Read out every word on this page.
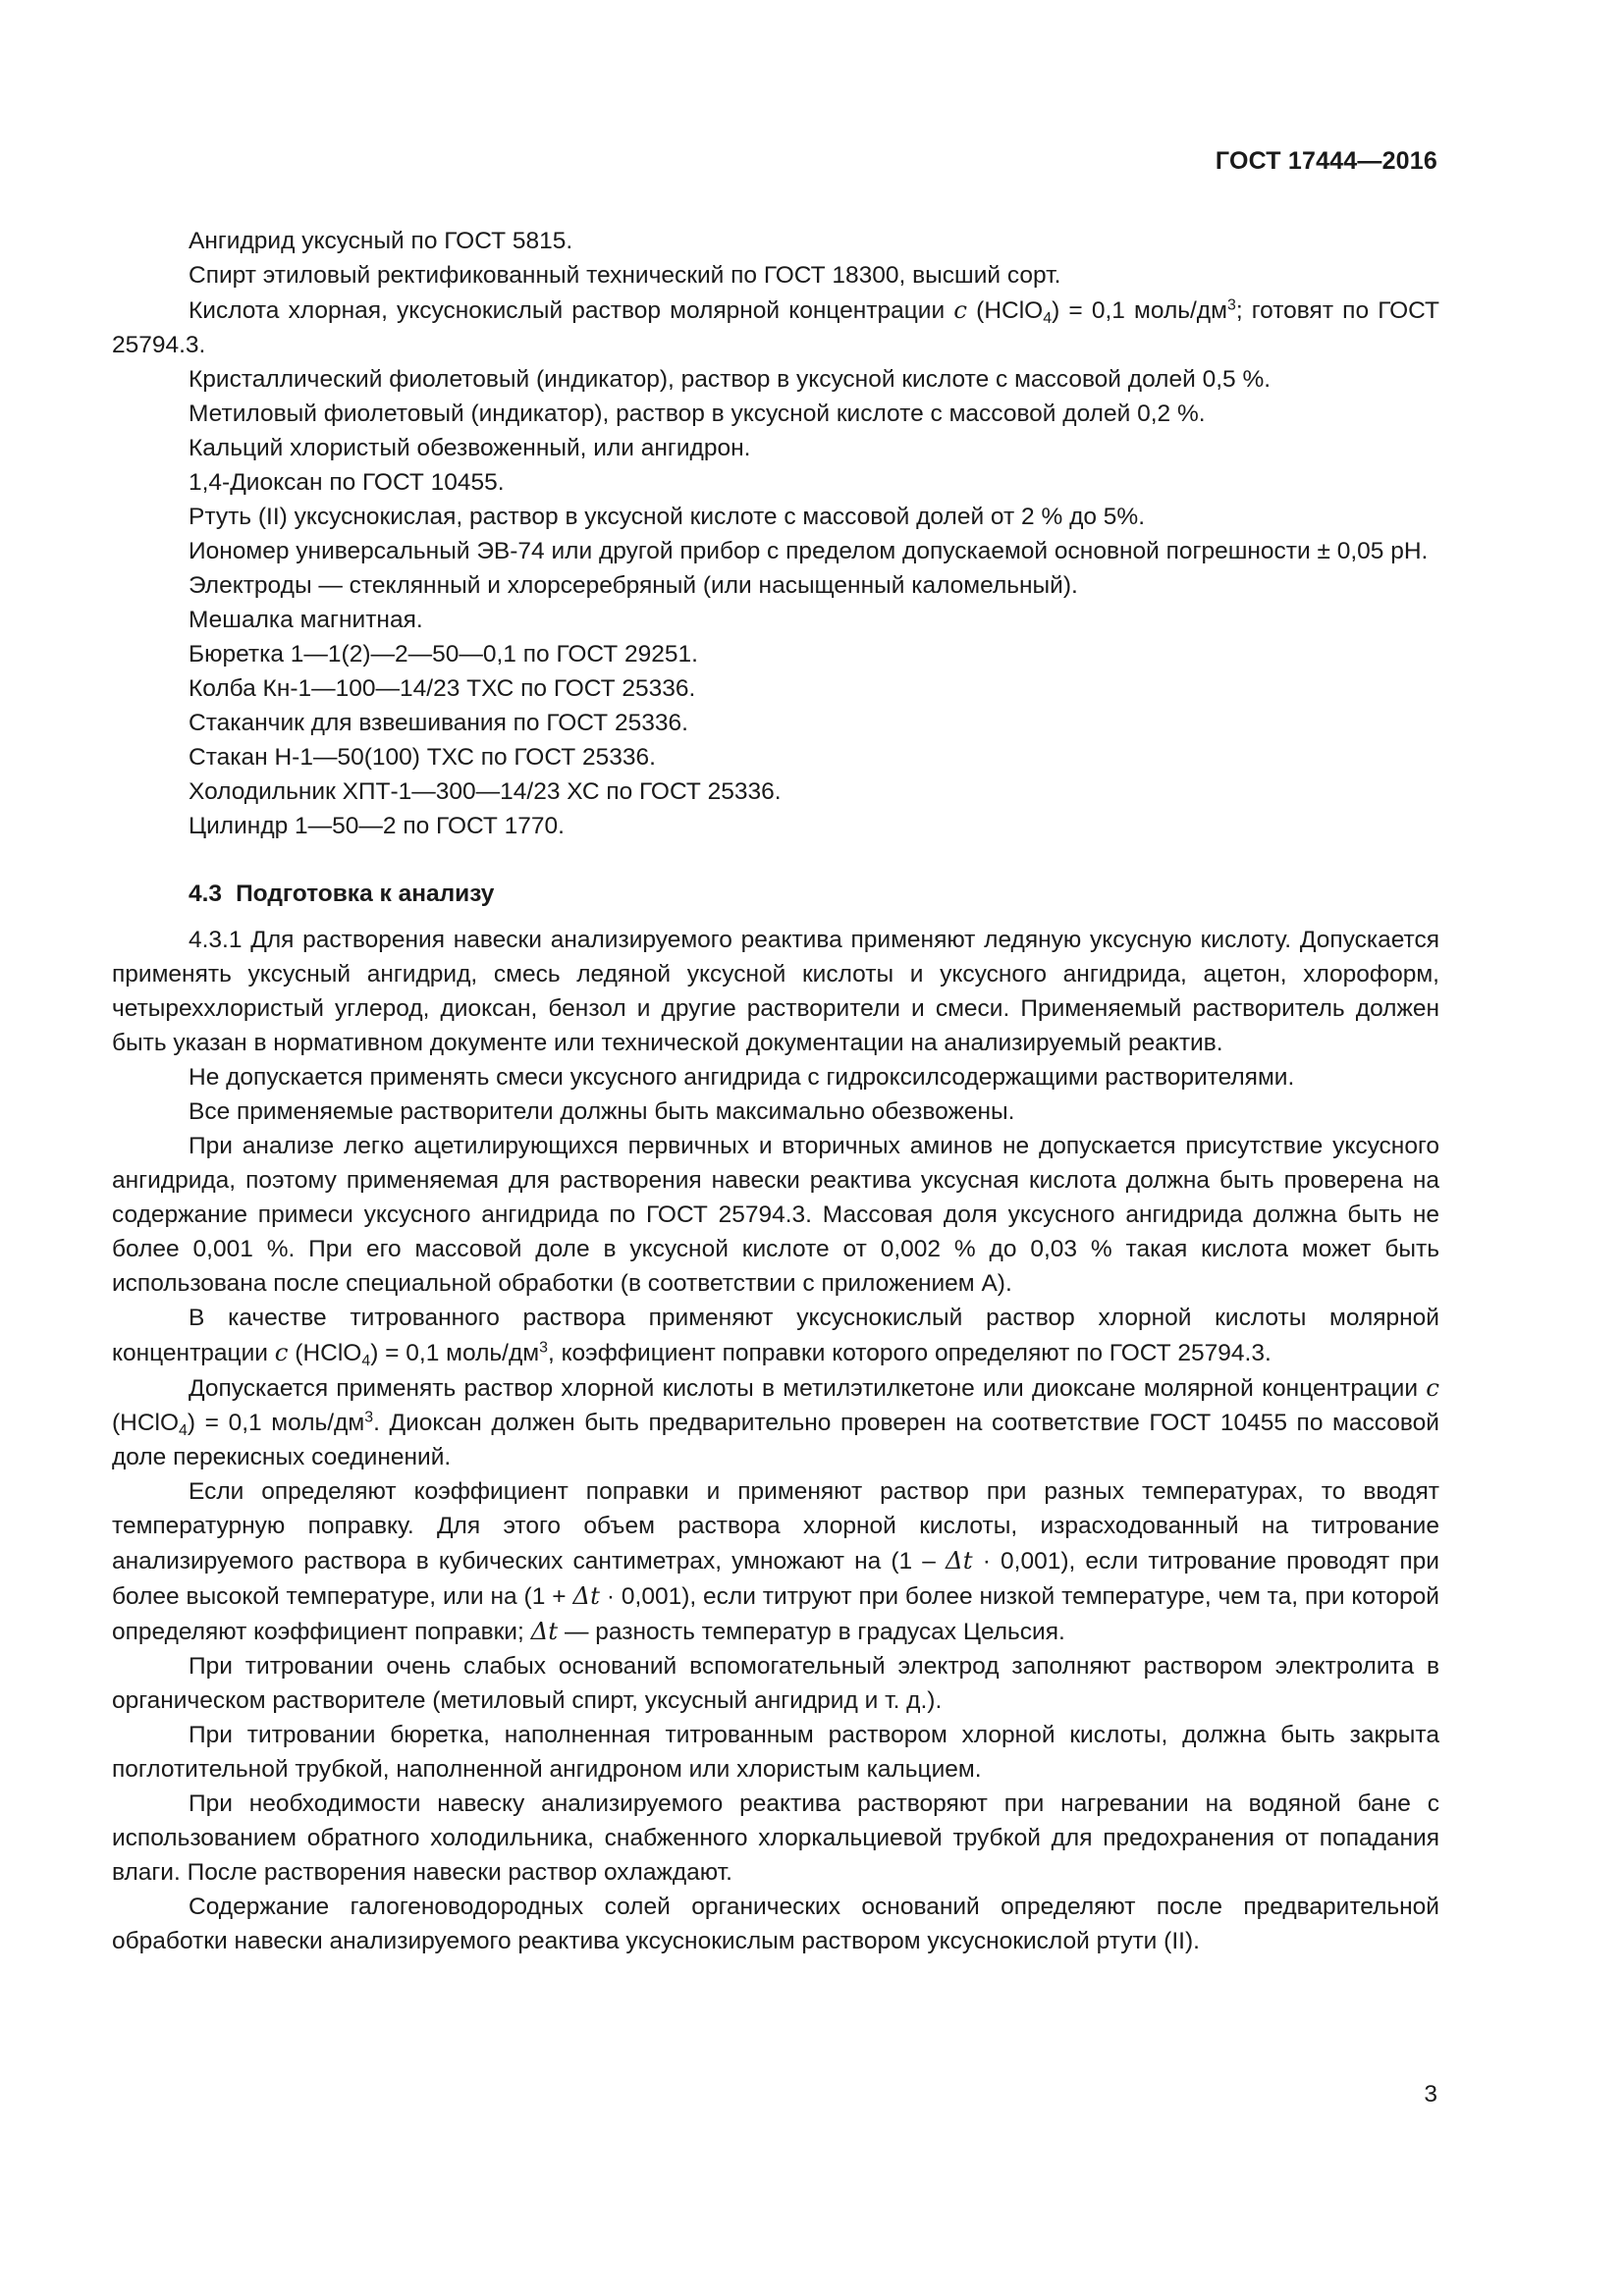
ГОСТ 17444—2016

Ангидрид уксусный по ГОСТ 5815.

Спирт этиловый ректификованный технический по ГОСТ 18300, высший сорт.

Кислота хлорная, уксуснокислый раствор молярной концентрации c (HClO$_4$) = 0,1 моль/$дм^3$; готовят по ГОСТ 25794.3.

Кристаллический фиолетовый (индикатор), раствор в уксусной кислоте с массовой долей 0,5 %.

Метиловый фиолетовый (индикатор), раствор в уксусной кислоте с массовой долей 0,2 %.

Кальций хлористый обезвоженный, или ангидрон.

1,4-Диоксан по ГОСТ 10455.

Ртуть (II) уксуснокислая, раствор в уксусной кислоте с массовой долей от 2 % до 5%.

Иономер универсальный ЭВ-74 или другой прибор с пределом допускаемой основной погрешности ± 0,05 pH.

Электроды — стеклянный и хлорсеребряный (или насыщенный каломельный).

Мешалка магнитная.

Бюретка 1—1(2)—2—50—0,1 по ГОСТ 29251.

Колба Кн-1—100—14/23 ТХС по ГОСТ 25336.

Стаканчик для взвешивания по ГОСТ 25336.

Стакан Н-1—50(100) ТХС по ГОСТ 25336.

Холодильник ХПТ-1—300—14/23 ХС по ГОСТ 25336.

Цилиндр 1—50—2 по ГОСТ 1770.

4.3 Подготовка к анализу

4.3.1 Для растворения навески анализируемого реактива применяют ледяную уксусную кислоту. Допускается применять уксусный ангидрид, смесь ледяной уксусной кислоты и уксусного ангидрида, ацетон, хлороформ, четыреххлористый углерод, диоксан, бензол и другие растворители и смеси. Применяемый растворитель должен быть указан в нормативном документе или технической документации на анализируемый реактив.

Не допускается применять смеси уксусного ангидрида с гидроксилсодержащими растворителями.

Все применяемые растворители должны быть максимально обезвожены.

При анализе легко ацетилирующихся первичных и вторичных аминов не допускается присутствие уксусного ангидрида, поэтому применяемая для растворения навески реактива уксусная кислота должна быть проверена на содержание примеси уксусного ангидрида по ГОСТ 25794.3. Массовая доля уксусного ангидрида должна быть не более 0,001 %. При его массовой доле в уксусной кислоте от 0,002 % до 0,03 % такая кислота может быть использована после специальной обработки (в соответствии с приложением А).

В качестве титрованного раствора применяют уксуснокислый раствор хлорной кислоты молярной концентрации c (HClO$_4$) = 0,1 моль/$дм^3$, коэффициент поправки которого определяют по ГОСТ 25794.3.

Допускается применять раствор хлорной кислоты в метилэтилкетоне или диоксане молярной концентрации c (HClO$_4$) = 0,1 моль/$дм^3$. Диоксан должен быть предварительно проверен на соответствие ГОСТ 10455 по массовой доле перекисных соединений.

Если определяют коэффициент поправки и применяют раствор при разных температурах, то вводят температурную поправку. Для этого объем раствора хлорной кислоты, израсходованный на титрование анализируемого раствора в кубических сантиметрах, умножают на (1 – Δt · 0,001), если титрование проводят при более высокой температуре, или на (1 + Δt · 0,001), если титруют при более низкой температуре, чем та, при которой определяют коэффициент поправки; Δt — разность температур в градусах Цельсия.

При титровании очень слабых оснований вспомогательный электрод заполняют раствором электролита в органическом растворителе (метиловый спирт, уксусный ангидрид и т. д.).

При титровании бюретка, наполненная титрованным раствором хлорной кислоты, должна быть закрыта поглотительной трубкой, наполненной ангидроном или хлористым кальцием.

При необходимости навеску анализируемого реактива растворяют при нагревании на водяной бане с использованием обратного холодильника, снабженного хлоркальциевой трубкой для предохранения от попадания влаги. После растворения навески раствор охлаждают.

Содержание галогеноводородных солей органических оснований определяют после предварительной обработки навески анализируемого реактива уксуснокислым раствором уксуснокислой ртути (II).

3
